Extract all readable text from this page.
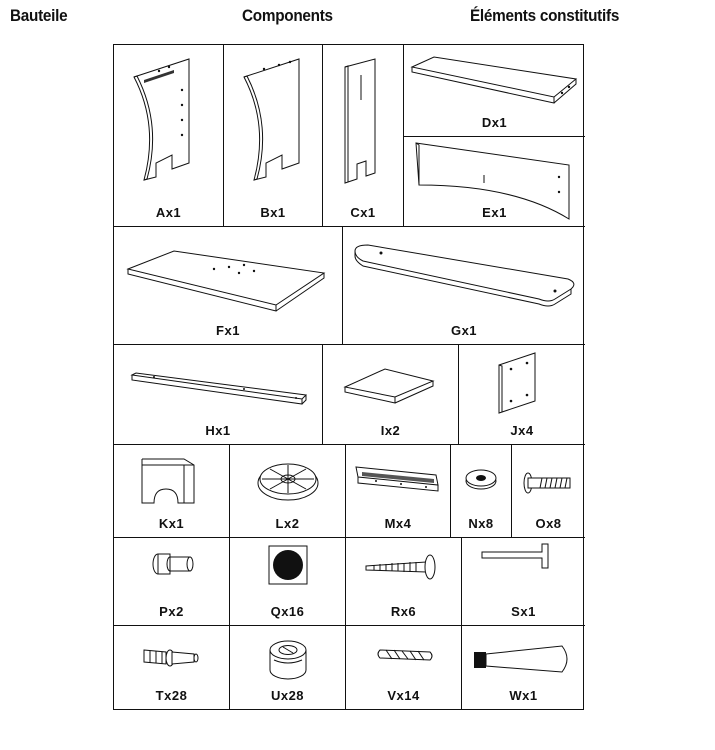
Bauteile	Components	Éléments constitutifs
Ax1	Bx1	Cx1
Dx1
Ex1
Fx1	Gx1
Hx1	Ix2	Jx4
Kx1	Lx2	Mx4	Nx8	Ox8
Px2	Qx16	Rx6	Sx1
Tx28	Ux28	Vx14	Wx1
